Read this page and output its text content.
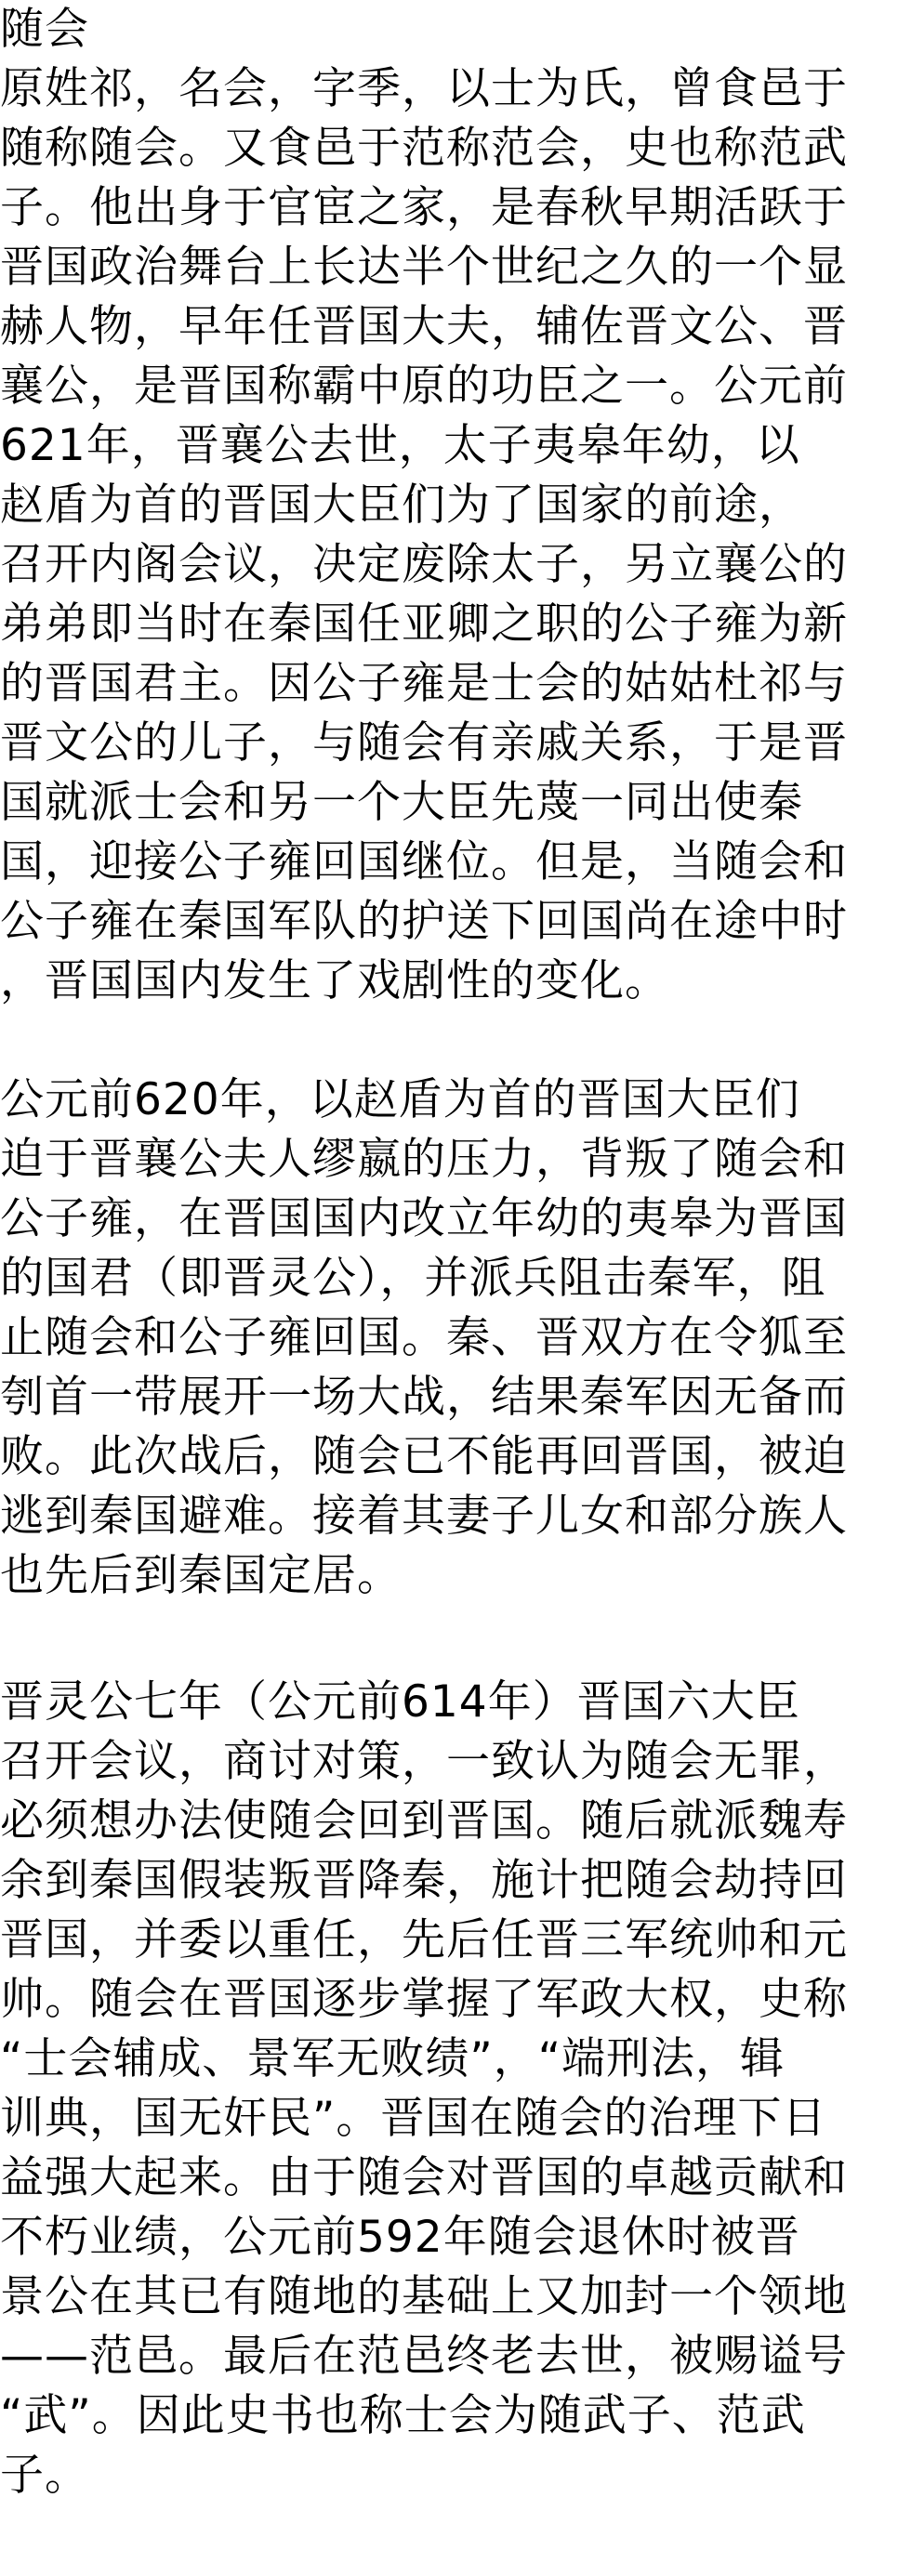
随会
原姓祁，名会，字季，以士为氏，曾食邑于
随称随会。又食邑于范称范会，史也称范武
子。他出身于官宦之家，是春秋早期活跃于
晋国政治舞台上长达半个世纪之久的一个显
赫人物，早年任晋国大夫，辅佐晋文公、晋
襄公，是晋国称霸中原的功臣之一。公元前
621年，晋襄公去世，太子夷皋年幼，以
赵盾为首的晋国大臣们为了国家的前途，
召开内阁会议，决定废除太子，另立襄公的
弟弟即当时在秦国任亚卿之职的公子雍为新
的晋国君主。因公子雍是士会的姑姑杜祁与
晋文公的儿子，与随会有亲戚关系，于是晋
国就派士会和另一个大臣先蔑一同出使秦
国，迎接公子雍回国继位。但是，当随会和
公子雍在秦国军队的护送下回国尚在途中时
，晋国国内发生了戏剧性的变化。
公元前620年，以赵盾为首的晋国大臣们
迫于晋襄公夫人缪嬴的压力，背叛了随会和
公子雍，在晋国国内改立年幼的夷皋为晋国
的国君（即晋灵公），并派兵阻击秦军，阻
止随会和公子雍回国。秦、晋双方在令狐至
刳首一带展开一场大战，结果秦军因无备而
败。此次战后，随会已不能再回晋国，被迫
逃到秦国避难。接着其妻子儿女和部分族人
也先后到秦国定居。
晋灵公七年（公元前614年）晋国六大臣
召开会议，商讨对策，一致认为随会无罪，
必须想办法使随会回到晋国。随后就派魏寿
余到秦国假装叛晋降秦，施计把随会劫持回
晋国，并委以重任，先后任晋三军统帅和元
帅。随会在晋国逐步掌握了军政大权，史称
“士会辅成、景军无败绩”，“端刑法，辑
训典，国无奸民”。晋国在随会的治理下日
益强大起来。由于随会对晋国的卓越贡献和
不朽业绩，公元前592年随会退休时被晋
景公在其已有随地的基础上又加封一个领地
——范邑。最后在范邑终老去世，被赐谥号
“武”。因此史书也称士会为随武子、范武
子。
